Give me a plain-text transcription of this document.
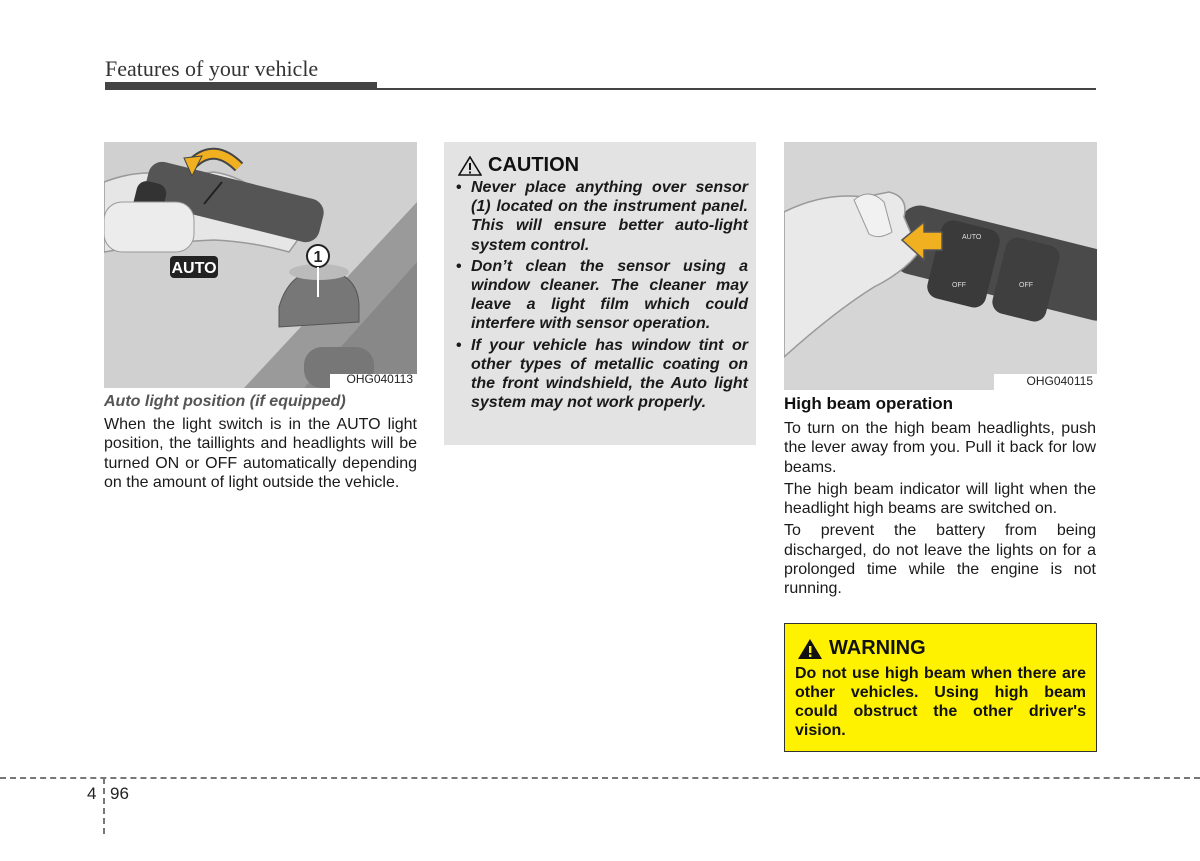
Features of your vehicle
AUTO
1
OHG040113
Auto light position (if equipped)

When the light switch is in the AUTO light position, the taillights and headlights will be turned ON or OFF automatically depending on the amount of light outside the vehicle.

CAUTION
• Never place anything over sensor (1) located on the instrument panel. This will ensure better auto-light system control.
• Don’t clean the sensor using a window cleaner. The cleaner may leave a light film which could interfere with sensor operation.
• If your vehicle has window tint or other types of metallic coating on the front windshield, the Auto light system may not work properly.
AUTO
OFF	OFF
OHG040115
High beam operation

To turn on the high beam headlights, push the lever away from you. Pull it back for low beams.

The high beam indicator will light when the headlight high beams are switched on.

To prevent the battery from being discharged, do not leave the lights on for a prolonged time while the engine is not running.

WARNING

Do not use high beam when there are other vehicles. Using high beam could obstruct the other driver's vision.

4 96
